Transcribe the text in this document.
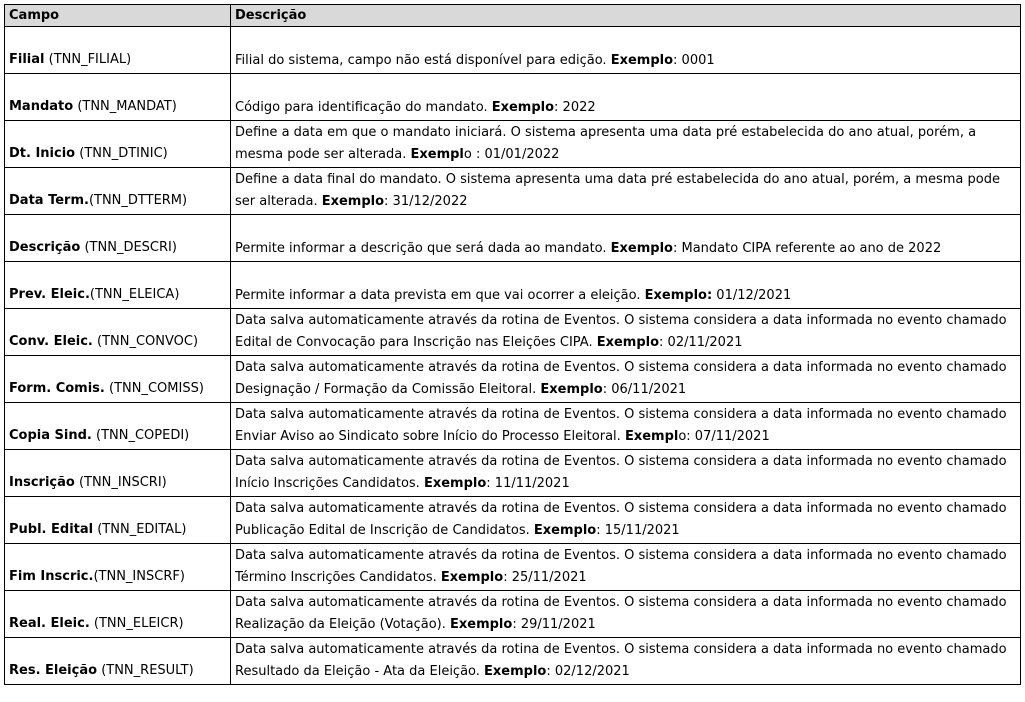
Campo	Descrição
Filial (TNN_FILIAL)	Filial do sistema, campo não está disponível para edição. Exemplo: 0001

Mandato (TNN_MANDAT)	Código para identificação do mandato. Exemplo: 2022

Dt. Inicio (TNN_DTINIC)	Define a data em que o mandato iniciará. O sistema apresenta uma data pré estabelecida do ano atual, porém, a
mesma pode ser alterada. Exemplo : 01/01/2022

Data Term.(TNN_DTTERM)	Define a data final do mandato. O sistema apresenta uma data pré estabelecida do ano atual, porém, a mesma pode
ser alterada. Exemplo: 31/12/2022

Descrição (TNN_DESCRI)	Permite informar a descrição que será dada ao mandato. Exemplo: Mandato CIPA referente ao ano de 2022

Prev. Eleic.(TNN_ELEICA)	Permite informar a data prevista em que vai ocorrer a eleição. Exemplo: 01/12/2021

Conv. Eleic. (TNN_CONVOC)	Data salva automaticamente através da rotina de Eventos. O sistema considera a data informada no evento chamado
Edital de Convocação para Inscrição nas Eleições CIPA. Exemplo: 02/11/2021

Form. Comis. (TNN_COMISS)	Data salva automaticamente através da rotina de Eventos. O sistema considera a data informada no evento chamado
Designação / Formação da Comissão Eleitoral. Exemplo: 06/11/2021

Copia Sind. (TNN_COPEDI)	Data salva automaticamente através da rotina de Eventos. O sistema considera a data informada no evento chamado
Enviar Aviso ao Sindicato sobre Início do Processo Eleitoral. Exemplo: 07/11/2021

Inscrição (TNN_INSCRI)	Data salva automaticamente através da rotina de Eventos. O sistema considera a data informada no evento chamado
Início Inscrições Candidatos. Exemplo: 11/11/2021

Publ. Edital (TNN_EDITAL)	Data salva automaticamente através da rotina de Eventos. O sistema considera a data informada no evento chamado
Publicação Edital de Inscrição de Candidatos. Exemplo: 15/11/2021

Fim Inscric.(TNN_INSCRF)	Data salva automaticamente através da rotina de Eventos. O sistema considera a data informada no evento chamado
Término Inscrições Candidatos. Exemplo: 25/11/2021

Real. Eleic. (TNN_ELEICR)	Data salva automaticamente através da rotina de Eventos. O sistema considera a data informada no evento chamado
Realização da Eleição (Votação). Exemplo: 29/11/2021

Res. Eleição (TNN_RESULT)	Data salva automaticamente através da rotina de Eventos. O sistema considera a data informada no evento chamado
Resultado da Eleição - Ata da Eleição. Exemplo: 02/12/2021
